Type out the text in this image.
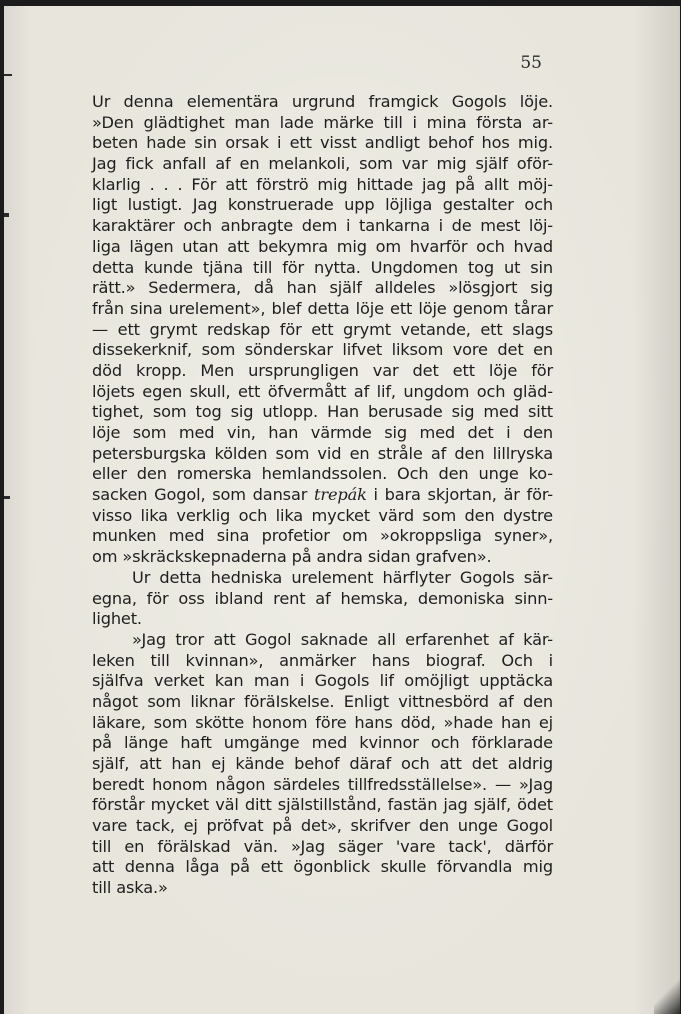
55
Ur denna elementära urgrund framgick Gogols löje.
»Den glädtighet man lade märke till i mina första ar-
beten hade sin orsak i ett visst andligt behof hos mig.
Jag fick anfall af en melankoli, som var mig själf oför-
klarlig . . . För att förströ mig hittade jag på allt möj-
ligt lustigt. Jag konstruerade upp löjliga gestalter och
karaktärer och anbragte dem i tankarna i de mest löj-
liga lägen utan att bekymra mig om hvarför och hvad
detta kunde tjäna till för nytta. Ungdomen tog ut sin
rätt.» Sedermera, då han själf alldeles »lösgjort sig
från sina urelement», blef detta löje ett löje genom tårar
— ett grymt redskap för ett grymt vetande, ett slags
dissekerknif, som sönderskar lifvet liksom vore det en
död kropp. Men ursprungligen var det ett löje för
löjets egen skull, ett öfvermått af lif, ungdom och gläd-
tighet, som tog sig utlopp. Han berusade sig med sitt
löje som med vin, han värmde sig med det i den
petersburgska kölden som vid en stråle af den lillryska
eller den romerska hemlandssolen. Och den unge ko-
sacken Gogol, som dansar trepák i bara skjortan, är för-
visso lika verklig och lika mycket värd som den dystre
munken med sina profetior om »okroppsliga syner»,
om »skräckskepnaderna på andra sidan grafven».
Ur detta hedniska urelement härflyter Gogols sär-
egna, för oss ibland rent af hemska, demoniska sinn-
lighet.
»Jag tror att Gogol saknade all erfarenhet af kär-
leken till kvinnan», anmärker hans biograf. Och i
själfva verket kan man i Gogols lif omöjligt upptäcka
något som liknar föräIskelse. Enligt vittnesbörd af den
läkare, som skötte honom före hans död, »hade han ej
på länge haft umgänge med kvinnor och förklarade
själf, att han ej kände behof däraf och att det aldrig
beredt honom någon särdeles tillfredsställelse». — »Jag
förstår mycket väl ditt själstillstånd, fastän jag själf, ödet
vare tack, ej pröfvat på det», skrifver den unge Gogol
till en förälskad vän. »Jag säger 'vare tack', därför
att denna låga på ett ögonblick skulle förvandla mig
till aska.»
